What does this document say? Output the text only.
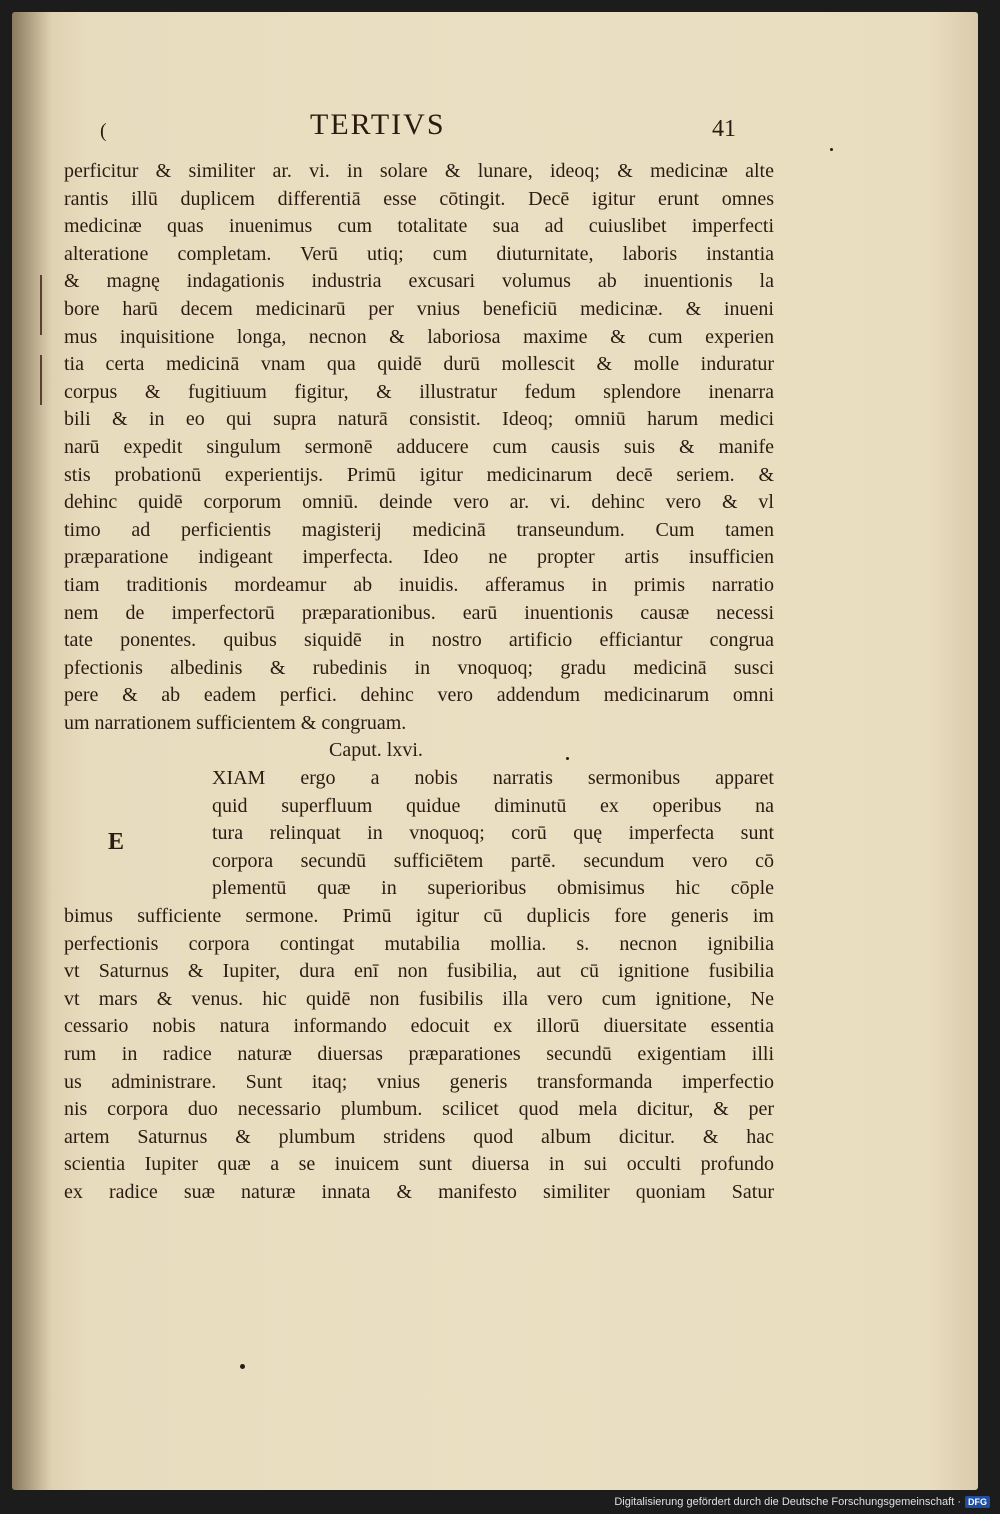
(	TERTIVS	41
perficitur & similiter ar. vi. in solare & lunare, ideoq; & medicinæ alte
rantis illū duplicem differentiā esse cōtingit. Decē igitur erunt omnes
medicinæ quas inuenimus cum totalitate sua ad cuiuslibet imperfecti
alteratione completam. Verū utiq; cum diuturnitate, laboris instantia
& magnę indagationis industria excusari volumus ab inuentionis la
bore harū decem medicinarū per vnius beneficiū medicinæ. & inueni
mus inquisitione longa, necnon & laboriosa maxime & cum experien
tia certa medicinā vnam qua quidē durū mollescit & molle induratur
corpus & fugitiuum figitur, & illustratur fedum splendore inenarra
bili & in eo qui supra naturā consistit. Ideoq; omniū harum medici
narū expedit singulum sermonē adducere cum causis suis & manife
stis probationū experientijs. Primū igitur medicinarum decē seriem. &
dehinc quidē corporum omniū. deinde vero ar. vi. dehinc vero & vl
timo ad perficientis magisterij medicinā transeundum. Cum tamen
præparatione indigeant imperfecta. Ideo ne propter artis insufficien
tiam traditionis mordeamur ab inuidis. afferamus in primis narratio
nem de imperfectorū præparationibus. earū inuentionis causæ necessi
tate ponentes. quibus siquidē in nostro artificio efficiantur congrua
pfectionis albedinis & rubedinis in vnoquoq; gradu medicinā susci
pere & ab eadem perfici. dehinc vero addendum medicinarum omni
um narrationem sufficientem & congruam.
Caput. lxvi.
XIAM ergo a nobis narratis sermonibus apparet
quid superfluum quidue diminutū ex operibus na
tura relinquat in vnoquoq; corū quę imperfecta sunt
corpora secundū sufficiētem partē. secundum vero cō
plementū quæ in superioribus obmisimus hic cōple
bimus sufficiente sermone. Primū igitur cū duplicis fore generis im
perfectionis corpora contingat mutabilia mollia. s. necnon ignibilia
vt Saturnus & Iupiter, dura enī non fusibilia, aut cū ignitione fusibilia
vt mars & venus. hic quidē non fusibilis illa vero cum ignitione, Ne
cessario nobis natura informando edocuit ex illorū diuersitate essentia
rum in radice naturæ diuersas præparationes secundū exigentiam illi
us administrare. Sunt itaq; vnius generis transformanda imperfectio
nis corpora duo necessario plumbum. scilicet quod mela dicitur, & per
artem Saturnus & plumbum stridens quod album dicitur. & hac
scientia Iupiter quæ a se inuicem sunt diuersa in sui occulti profundo
ex radice suæ naturæ innata & manifesto similiter quoniam Satur
E
Digitalisierung gefördert durch die Deutsche Forschungsgemeinschaft · DFG
